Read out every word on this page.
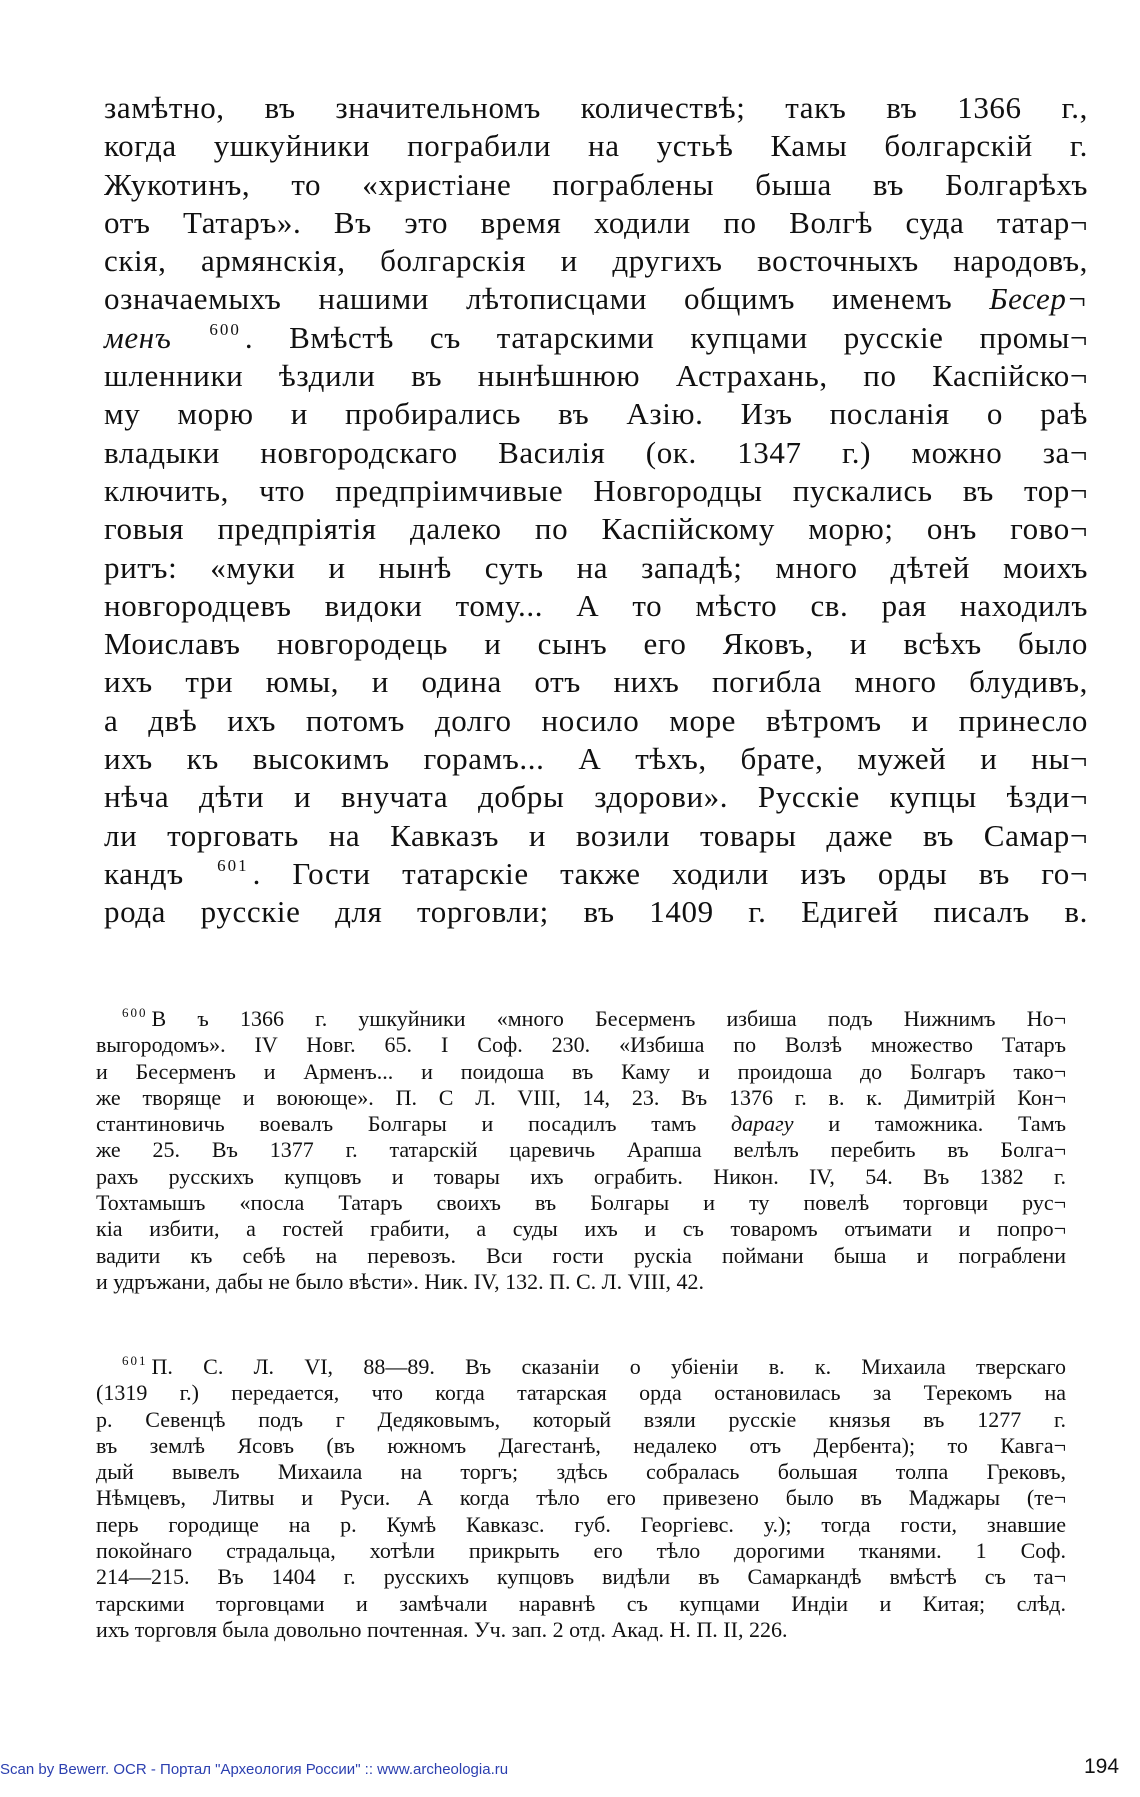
замѣтно, въ значительномъ количествѣ; такъ въ 1366 г.,
когда ушкуйники пограбили на устьѣ Камы болгарскій г.
Жукотинъ, то «христіане пограблены быша въ Болгарѣхъ
отъ Татаръ». Въ это время ходили по Волгѣ суда татар¬
скія, армянскія, болгарскія и другихъ восточныхъ народовъ,
означаемыхъ нашими лѣтописцами общимъ именемъ Бесер¬
менъ $^{600}$ . Вмѣстѣ съ татарскими купцами русскіе промы¬
шленники ѣздили въ нынѣшнюю Астрахань, по Каспійско¬
му морю и пробирались въ Азію. Изъ посланія о раѣ
владыки новгородскаго Василія (ок. 1347 г.) можно за¬
ключить, что предпріимчивые Новгородцы пускались въ тор¬
говыя предпріятія далеко по Каспійскому морю; онъ гово¬
ритъ: «муки и нынѣ суть на западѣ; много дѣтей моихъ
новгородцевъ видоки тому... А то мѣсто св. рая находилъ
Моиславъ новгородець и сынъ его Яковъ, и всѣхъ было
ихъ три юмы, и одина отъ нихъ погибла много блудивъ,
а двѣ ихъ потомъ долго носило море вѣтромъ и принесло
ихъ къ высокимъ горамъ... А тѣхъ, брате, мужей и ны¬
нѣча дѣти и внучата добры здорови». Русскіе купцы ѣзди¬
ли торговать на Кавказъ и возили товары даже въ Самар¬
кандъ $^{601}$ . Гости татарскіе также ходили изъ орды въ го¬
рода русскіе для торговли; въ 1409 г. Едигей писалъ в.
$^{600}$ В ъ 1366 г. ушкуйники «много Бесерменъ избиша подъ Нижнимъ Но¬
выгородомъ». IV Новг. 65. I Соф. 230. «Избиша по Волзѣ множество Татаръ
и Бесерменъ и Арменъ... и поидоша въ Каму и проидоша до Болгаръ тако¬
же творяще и воююще». П. С Л. VIII, 14, 23. Въ 1376 г. в. к. Димитрій Кон¬
стантиновичь воевалъ Болгары и посадилъ тамъ дарагу и таможника. Тамъ
же 25. Въ 1377 г. татарскій царевичь Арапша велѣлъ перебить въ Болга¬
рахъ русскихъ купцовъ и товары ихъ ограбить. Никон. IV, 54. Въ 1382 г.
Тохтамышъ «посла Татаръ своихъ въ Болгары и ту повелѣ торговци рус¬
кіа избити, а гостей грабити, а суды ихъ и съ товаромъ отъимати и попро¬
вадити къ себѣ на перевозъ. Вси гости рускіа поймани быша и пограблени
и удръжани, дабы не было вѣсти». Ник. IV, 132. П. С. Л. VIII, 42.
$^{601}$ П. С. Л. VI, 88—89. Въ сказаніи о убіеніи в. к. Михаила тверскаго
(1319 г.) передается, что когда татарская орда остановилась за Терекомъ на
р. Севенцѣ подъ г Дедяковымъ, который взяли русскіе князья въ 1277 г.
въ землѣ Ясовъ (въ южномъ Дагестанѣ, недалеко отъ Дербента); то Кавга¬
дый вывелъ Михаила на торгъ; здѣсь собралась большая толпа Грековъ,
Нѣмцевъ, Литвы и Руси. А когда тѣло его привезено было въ Маджары (те¬
перь городище на р. Кумѣ Кавказс. губ. Георгіевс. у.); тогда гости, знавшие
покойнаго страдальца, хотѣли прикрыть его тѣло дорогими тканями. 1 Соф.
214—215. Въ 1404 г. русскихъ купцовъ видѣли въ Самаркандѣ вмѣстѣ съ та¬
тарскими торговцами и замѣчали наравнѣ съ купцами Индіи и Китая; слѣд.
ихъ торговля была довольно почтенная. Уч. зап. 2 отд. Акад. Н. П. II, 226.
Scan by Bewerr. OCR - Портал "Археология России" :: www.archeologia.ru	194
